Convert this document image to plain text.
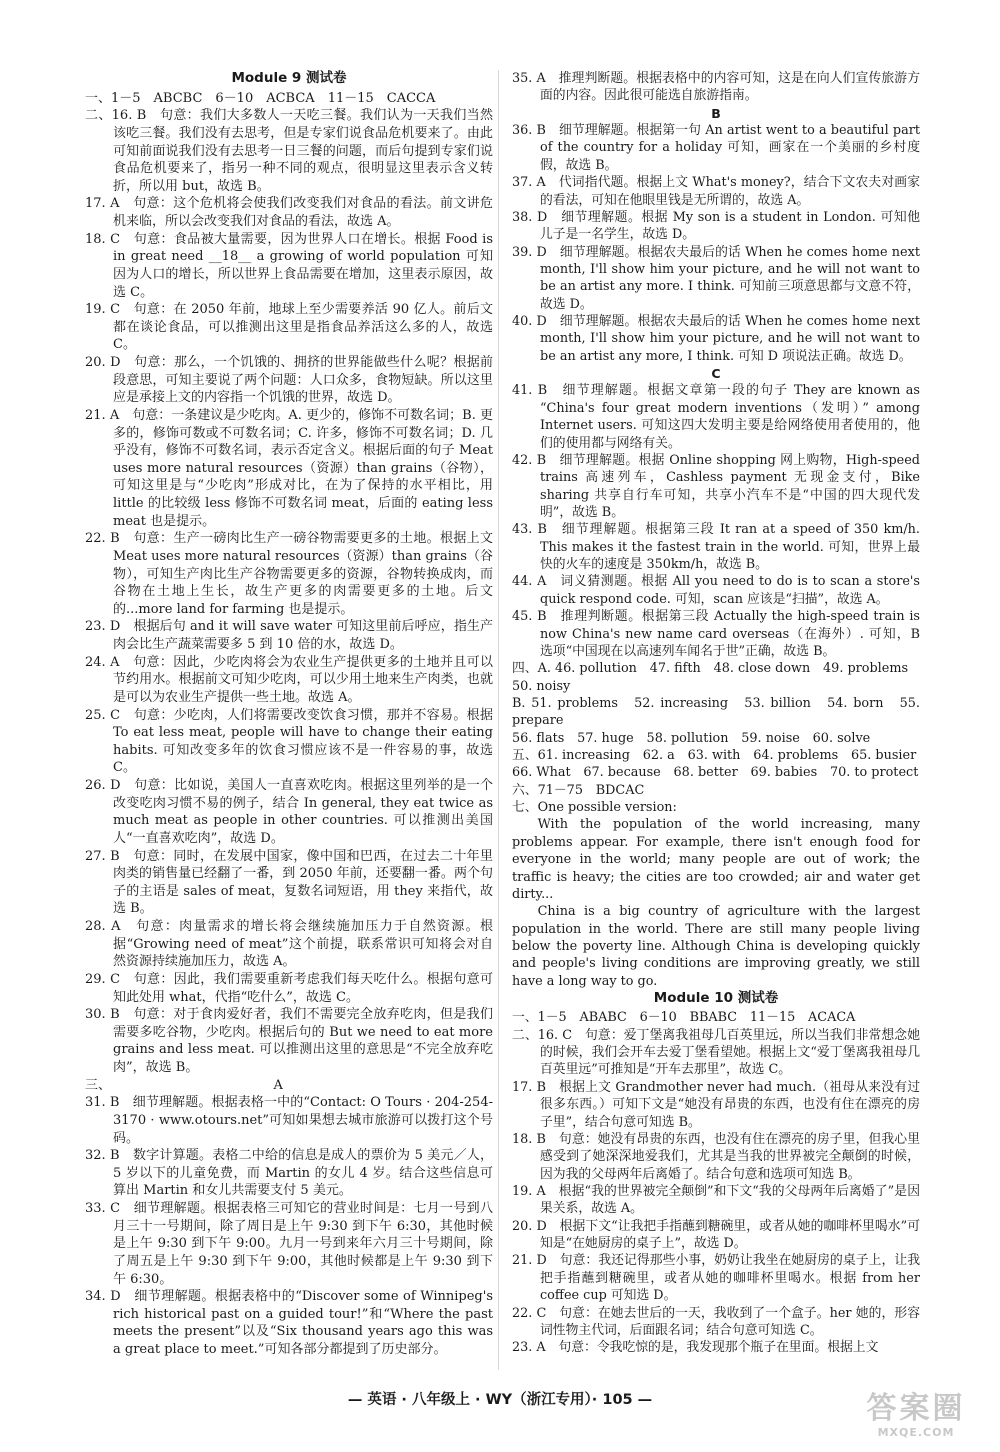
Module 9 测试卷

一、1－5　ABCBC　6－10　ACBCA　11－15　CACCA

二、16. B　句意：我们大多数人一天吃三餐。我们认为一天我们当然该吃三餐。我们没有去思考，但是专家们说食品危机要来了。由此可知前面说我们没有去思考一日三餐的问题，而后句提到专家们说食品危机要来了，指另一种不同的观点，很明显这里表示含义转折，所以用 but，故选 B。

17. A　句意：这个危机将会使我们改变我们对食品的看法。前文讲危机来临，所以会改变我们对食品的看法，故选 A。

18. C　句意：食品被大量需要，因为世界人口在增长。根据 Food is in great need __18__ a growing of world population 可知因为人口的增长，所以世界上食品需要在增加，这里表示原因，故选 C。

19. C　句意：在 2050 年前，地球上至少需要养活 90 亿人。前后文都在谈论食品，可以推测出这里是指食品养活这么多的人，故选 C。

20. D　句意：那么，一个饥饿的、拥挤的世界能做些什么呢？根据前段意思，可知主要说了两个问题：人口众多，食物短缺。所以这里应是承接上文的内容指一个饥饿的世界，故选 D。

21. A　句意：一条建议是少吃肉。A. 更少的，修饰不可数名词；B. 更多的，修饰可数或不可数名词；C. 许多，修饰不可数名词；D. 几乎没有，修饰不可数名词，表示否定含义。根据后面的句子 Meat uses more natural resources（资源）than grains（谷物），可知这里是与“少吃肉”形成对比，在为了保持的水平相比，用 little 的比较级 less 修饰不可数名词 meat，后面的 eating less meat 也是提示。

22. B　句意：生产一磅肉比生产一磅谷物需要更多的土地。根据上文 Meat uses more natural resources（资源）than grains（谷物），可知生产肉比生产谷物需要更多的资源，谷物转换成肉，而谷物在土地上生长，故生产更多的肉需要更多的土地。后文的...more land for farming 也是提示。

23. D　根据后句 and it will save water 可知这里前后呼应，指生产肉会比生产蔬菜需要多 5 到 10 倍的水，故选 D。

24. A　句意：因此，少吃肉将会为农业生产提供更多的土地并且可以节约用水。根据前文可知少吃肉，可以少用土地来生产肉类，也就是可以为农业生产提供一些土地。故选 A。

25. C　句意：少吃肉，人们将需要改变饮食习惯，那并不容易。根据 To eat less meat, people will have to change their eating habits. 可知改变多年的饮食习惯应该不是一件容易的事，故选 C。

26. D　句意：比如说，美国人一直喜欢吃肉。根据这里列举的是一个改变吃肉习惯不易的例子，结合 In general, they eat twice as much meat as people in other countries. 可以推测出美国人“一直喜欢吃肉”，故选 D。

27. B　句意：同时，在发展中国家，像中国和巴西，在过去二十年里肉类的销售量已经翻了一番，到 2050 年前，还要翻一番。两个句子的主语是 sales of meat，复数名词短语，用 they 来指代，故选 B。

28. A　句意：肉量需求的增长将会继续施加压力于自然资源。根据“Growing need of meat”这个前提，联系常识可知将会对自然资源持续施加压力，故选 A。

29. C　句意：因此，我们需要重新考虑我们每天吃什么。根据句意可知此处用 what，代指“吃什么”，故选 C。

30. B　句意：对于食肉爱好者，我们不需要完全放弃吃肉，但是我们需要多吃谷物，少吃肉。根据后句的 But we need to eat more grains and less meat. 可以推测出这里的意思是“不完全放弃吃肉”，故选 B。

三、　　　　　　　　　　　　　A

31. B　细节理解题。根据表格一中的“Contact: O Tours · 204-254-3170 · www.otours.net”可知如果想去城市旅游可以拨打这个号码。

32. B　数字计算题。表格二中给的信息是成人的票价为 5 美元／人，5 岁以下的儿童免费，而 Martin 的女儿 4 岁。结合这些信息可算出 Martin 和女儿共需要支付 5 美元。

33. C　细节理解题。根据表格三可知它的营业时间是：七月一号到八月三十一号期间，除了周日是上午 9:30 到下午 6:30，其他时候是上午 9:30 到下午 9:00。九月一号到来年六月三十号期间，除了周五是上午 9:30 到下午 9:00，其他时候都是上午 9:30 到下午 6:30。

34. D　细节理解题。根据表格中的“Discover some of Winnipeg's rich historical past on a guided tour!”和“Where the past meets the present”以及“Six thousand years ago this was a great place to meet.”可知各部分都提到了历史部分。

35. A　推理判断题。根据表格中的内容可知，这是在向人们宣传旅游方面的内容。因此很可能选自旅游指南。

B

36. B　细节理解题。根据第一句 An artist went to a beautiful part of the country for a holiday 可知，画家在一个美丽的乡村度假，故选 B。

37. A　代词指代题。根据上文 What's money?，结合下文农夫对画家的看法，可知在他眼里钱是无所谓的，故选 A。

38. D　细节理解题。根据 My son is a student in London. 可知他儿子是一名学生，故选 D。

39. D　细节理解题。根据农夫最后的话 When he comes home next month, I'll show him your picture, and he will not want to be an artist any more. I think. 可知前三项意思都与文意不符，故选 D。

40. D　细节理解题。根据农夫最后的话 When he comes home next month, I'll show him your picture, and he will not want to be an artist any more, I think. 可知 D 项说法正确。故选 D。

C

41. B　细节理解题。根据文章第一段的句子 They are known as “China's four great modern inventions（发明）” among Internet users. 可知这四大发明主要是给网络使用者使用的，他们的使用都与网络有关。

42. B　细节理解题。根据 Online shopping 网上购物，High-speed trains 高速列车，Cashless payment 无现金支付，Bike sharing 共享自行车可知，共享小汽车不是“中国的四大现代发明”，故选 B。

43. B　细节理解题。根据第三段 It ran at a speed of 350 km/h. This makes it the fastest train in the world. 可知，世界上最快的火车的速度是 350km/h，故选 B。

44. A　词义猜测题。根据 All you need to do is to scan a store's quick respond code. 可知，scan 应该是“扫描”，故选 A。

45. B　推理判断题。根据第三段 Actually the high-speed train is now China's new name card overseas（在海外）. 可知，B 选项“中国现在以高速列车闻名于世”正确，故选 B。

四、A. 46. pollution　47. fifth　48. close down　49. problems

50. noisy

B. 51. problems　52. increasing　53. billion　54. born　55. prepare

56. flats　57. huge　58. pollution　59. noise　60. solve

五、61. increasing　62. a　63. with　64. problems　65. busier

66. What　67. because　68. better　69. babies　70. to protect

六、71－75　BDCAC

七、One possible version:

With the population of the world increasing, many problems appear. For example, there isn't enough food for everyone in the world; many people are out of work; the traffic is heavy; the cities are too crowded; air and water get dirty...

China is a big country of agriculture with the largest population in the world. There are still many people living below the poverty line. Although China is developing quickly and people's living conditions are improving greatly, we still have a long way to go.

Module 10 测试卷

一、1－5　ABABC　6－10　BBABC　11－15　ACACA

二、16. C　句意：爱丁堡离我祖母几百英里远，所以当我们非常想念她的时候，我们会开车去爱丁堡看望她。根据上文“爱丁堡离我祖母几百英里远”可推知是“开车去那里”，故选 C。

17. B　根据上文 Grandmother never had much.（祖母从来没有过很多东西。）可知下文是“她没有昂贵的东西，也没有住在漂亮的房子里”，结合句意可知选 B。

18. B　句意：她没有昂贵的东西，也没有住在漂亮的房子里，但我心里感受到了她深深地爱我们，尤其是当我的世界被完全颠倒的时候，因为我的父母两年后离婚了。结合句意和选项可知选 B。

19. A　根据“我的世界被完全颠倒”和下文“我的父母两年后离婚了”是因果关系，故选 A。

20. D　根据下文“让我把手指蘸到糖碗里，或者从她的咖啡杯里喝水”可知是“在她厨房的桌子上”，故选 D。

21. D　句意：我还记得那些小事，奶奶让我坐在她厨房的桌子上，让我把手指蘸到糖碗里，或者从她的咖啡杯里喝水。根据 from her coffee cup 可知选 D。

22. C　句意：在她去世后的一天，我收到了一个盒子。her 她的，形容词性物主代词，后面跟名词；结合句意可知选 C。

23. A　句意：令我吃惊的是，我发现那个瓶子在里面。根据上文

— 英语 · 八年级上 · WY（浙江专用）· 105 —	答案圈
MXQE.COM
